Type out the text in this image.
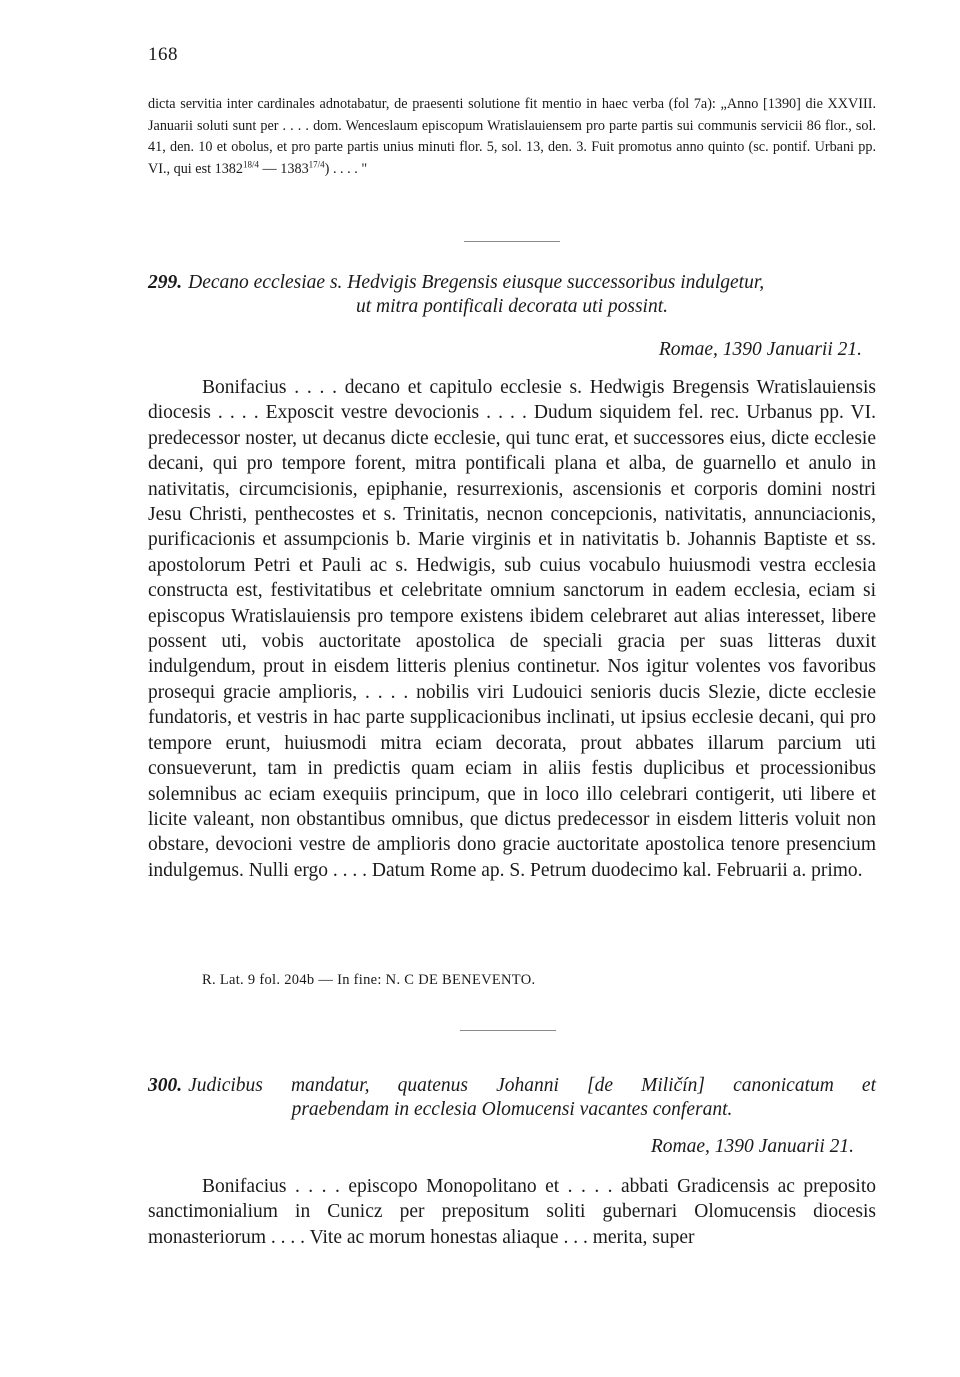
168

dicta servitia inter cardinales adnotabatur, de praesenti solutione fit mentio in haec verba (fol 7a): „Anno [1390] die XXVIII. Januarii soluti sunt per . . . . dom. Wenceslaum episcopum Wratislauiensem pro parte partis sui communis servicii 86 flor., sol. 41, den. 10 et obolus, et pro parte partis unius minuti flor. 5, sol. 13, den. 3. Fuit promotus anno quinto (sc. pontif. Urbani pp. VI., qui est $1382^{18/4}$ — $1383^{17/4}$) . . . . "

299. Decano ecclesiae s. Hedvigis Bregensis eiusque successoribus indulgetur,
ut mitra pontificali decorata uti possint.
Romae, 1390 Januarii 21.

Bonifacius . . . . decano et capitulo ecclesie s. Hedwigis Bregensis Wratislauiensis diocesis . . . . Exposcit vestre devocionis . . . . Dudum siquidem fel. rec. Urbanus pp. VI. predecessor noster, ut decanus dicte ecclesie, qui tunc erat, et successores eius, dicte ecclesie decani, qui pro tempore forent, mitra pontificali plana et alba, de guarnello et anulo in nativitatis, circumcisionis, epiphanie, resurrexionis, ascensionis et corporis domini nostri Jesu Christi, penthecostes et s. Trinitatis, necnon concepcionis, nativitatis, annunciacionis, purificacionis et assumpcionis b. Marie virginis et in nativitatis b. Johannis Baptiste et ss. apostolorum Petri et Pauli ac s. Hedwigis, sub cuius vocabulo huiusmodi vestra ecclesia constructa est, festivitatibus et celebritate omnium sanctorum in eadem ecclesia, eciam si episcopus Wratislauiensis pro tempore existens ibidem celebraret aut alias interesset, libere possent uti, vobis auctoritate apostolica de speciali gracia per suas litteras duxit indulgendum, prout in eisdem litteris plenius continetur. Nos igitur volentes vos favoribus prosequi gracie amplioris, . . . . nobilis viri Ludouici senioris ducis Slezie, dicte ecclesie fundatoris, et vestris in hac parte supplicacionibus inclinati, ut ipsius ecclesie decani, qui pro tempore erunt, huiusmodi mitra eciam decorata, prout abbates illarum parcium uti consueverunt, tam in predictis quam eciam in aliis festis duplicibus et processionibus solemnibus ac eciam exequiis principum, que in loco illo celebrari contigerit, uti libere et licite valeant, non obstantibus omnibus, que dictus predecessor in eisdem litteris voluit non obstare, devocioni vestre de amplioris dono gracie auctoritate apostolica tenore presencium indulgemus. Nulli ergo . . . . Datum Rome ap. S. Petrum duodecimo kal. Februarii a. primo.

R. Lat. 9 fol. 204b — In fine: N. C DE BENEVENTO.
300. Judicibus mandatur, quatenus Johanni [de Miličín] canonicatum et
praebendam in ecclesia Olomucensi vacantes conferant.
Romae, 1390 Januarii 21.

Bonifacius . . . . episcopo Monopolitano et . . . . abbati Gradicensis ac preposito sanctimonialium in Cunicz per prepositum soliti gubernari Olomucensis diocesis monasteriorum . . . . Vite ac morum honestas aliaque . . . merita, super
